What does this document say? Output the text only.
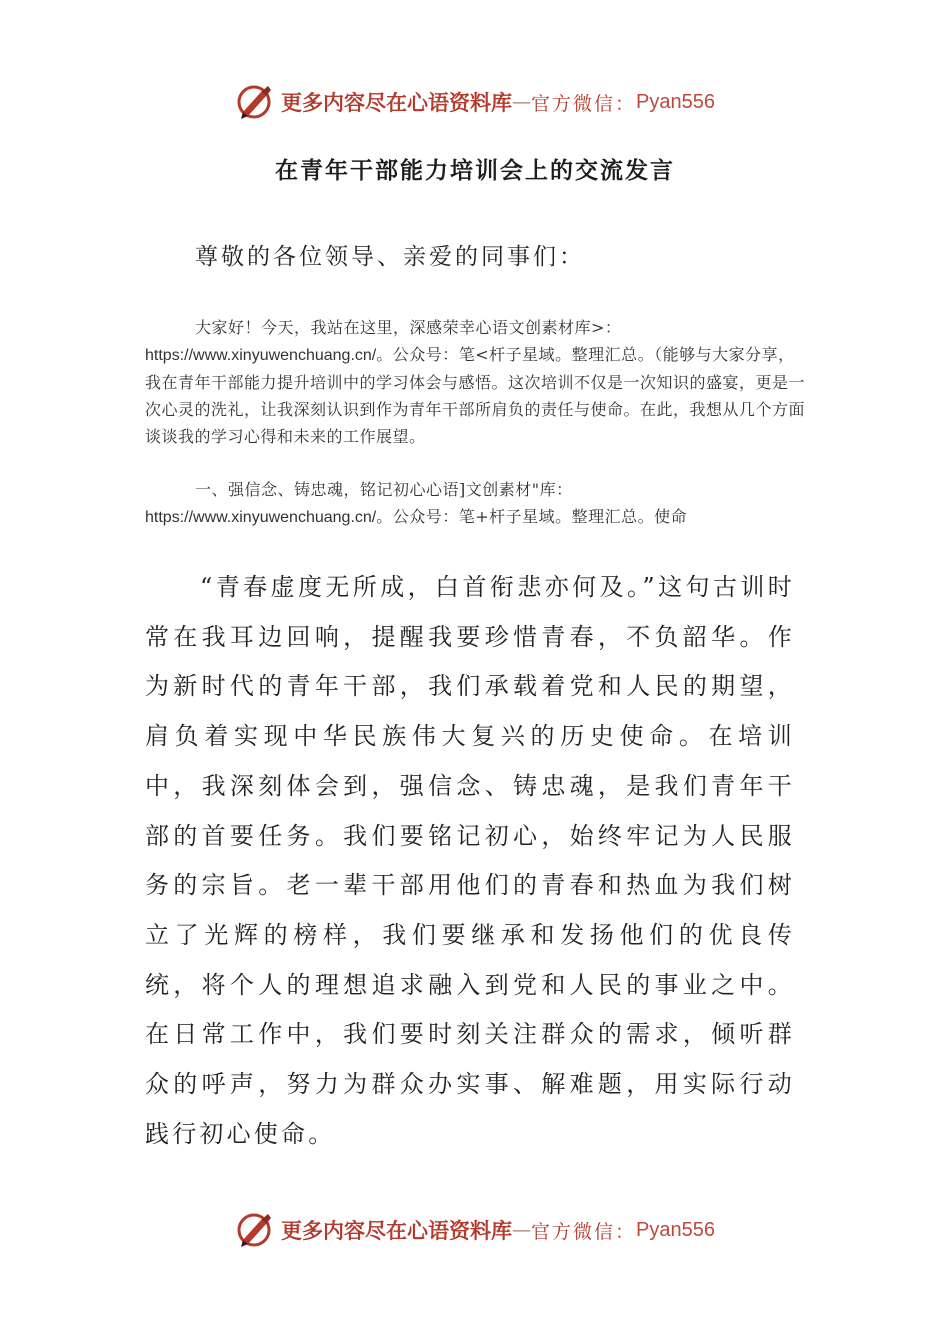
更多内容尽在心语资料库 — 官方微信： Pyan556
在青年干部能力培训会上的交流发言
尊敬的各位领导、亲爱的同事们：

大家好！今天，我站在这里，深感荣幸心语文创素材库>：https://www.xinyuwenchuang.cn/。公众号：笔<杆子星域。整理汇总。（能够与大家分享，我在青年干部能力提升培训中的学习体会与感悟。这次培训不仅是一次知识的盛宴，更是一次心灵的洗礼，让我深刻认识到作为青年干部所肩负的责任与使命。在此，我想从几个方面谈谈我的学习心得和未来的工作展望。

一、强信念、铸忠魂，铭记初心心语]文创素材"库：https://www.xinyuwenchuang.cn/。公众号：笔+杆子星域。整理汇总。使命

“青春虚度无所成，白首衔悲亦何及。”这句古训时常在我耳边回响，提醒我要珍惜青春，不负韶华。作为新时代的青年干部，我们承载着党和人民的期望，肩负着实现中华民族伟大复兴的历史使命。在培训中，我深刻体会到，强信念、铸忠魂，是我们青年干部的首要任务。我们要铭记初心，始终牢记为人民服务的宗旨。老一辈干部用他们的青春和热血为我们树立了光辉的榜样，我们要继承和发扬他们的优良传统，将个人的理想追求融入到党和人民的事业之中。在日常工作中，我们要时刻关注群众的需求，倾听群众的呼声，努力为群众办实事、解难题，用实际行动践行初心使命。

更多内容尽在心语资料库 — 官方微信： Pyan556
